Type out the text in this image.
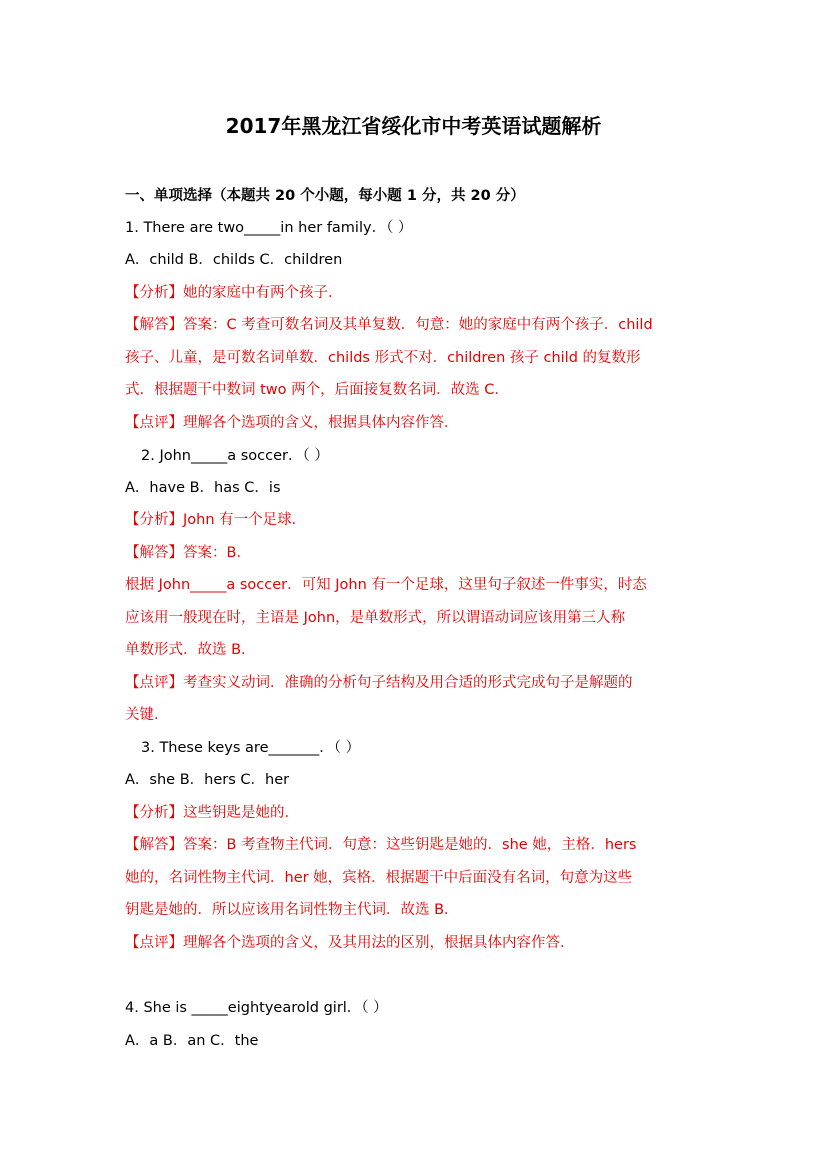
2017年黑龙江省绥化市中考英语试题解析
一、单项选择（本题共 20 个小题，每小题 1 分，共 20 分）
1. There are two_____in her family．（ ）
A．child B．childs C．children
【分析】她的家庭中有两个孩子．
【解答】答案：C 考查可数名词及其单复数．句意：她的家庭中有两个孩子．child
孩子、儿童，是可数名词单数．childs 形式不对．children 孩子 child 的复数形
式．根据题干中数词 two 两个，后面接复数名词．故选 C．
【点评】理解各个选项的含义，根据具体内容作答．
2. John_____a soccer．（ ）
A．have B．has C．is
【分析】John 有一个足球．
【解答】答案：B．
根据 John_____a soccer．可知 John 有一个足球，这里句子叙述一件事实，时态
应该用一般现在时，主语是 John，是单数形式，所以谓语动词应该用第三人称
单数形式．故选 B．
【点评】考查实义动词．准确的分析句子结构及用合适的形式完成句子是解题的
关键．
3. These keys are_______．（ ）
A．she B．hers C．her
【分析】这些钥匙是她的．
【解答】答案：B 考查物主代词．句意：这些钥匙是她的．she 她，主格．hers
她的，名词性物主代词．her 她，宾格．根据题干中后面没有名词，句意为这些
钥匙是她的．所以应该用名词性物主代词．故选 B．
【点评】理解各个选项的含义，及其用法的区别，根据具体内容作答．
4. She is _____eight﻿year﻿old girl．（ ）
A．a B．an C．the
